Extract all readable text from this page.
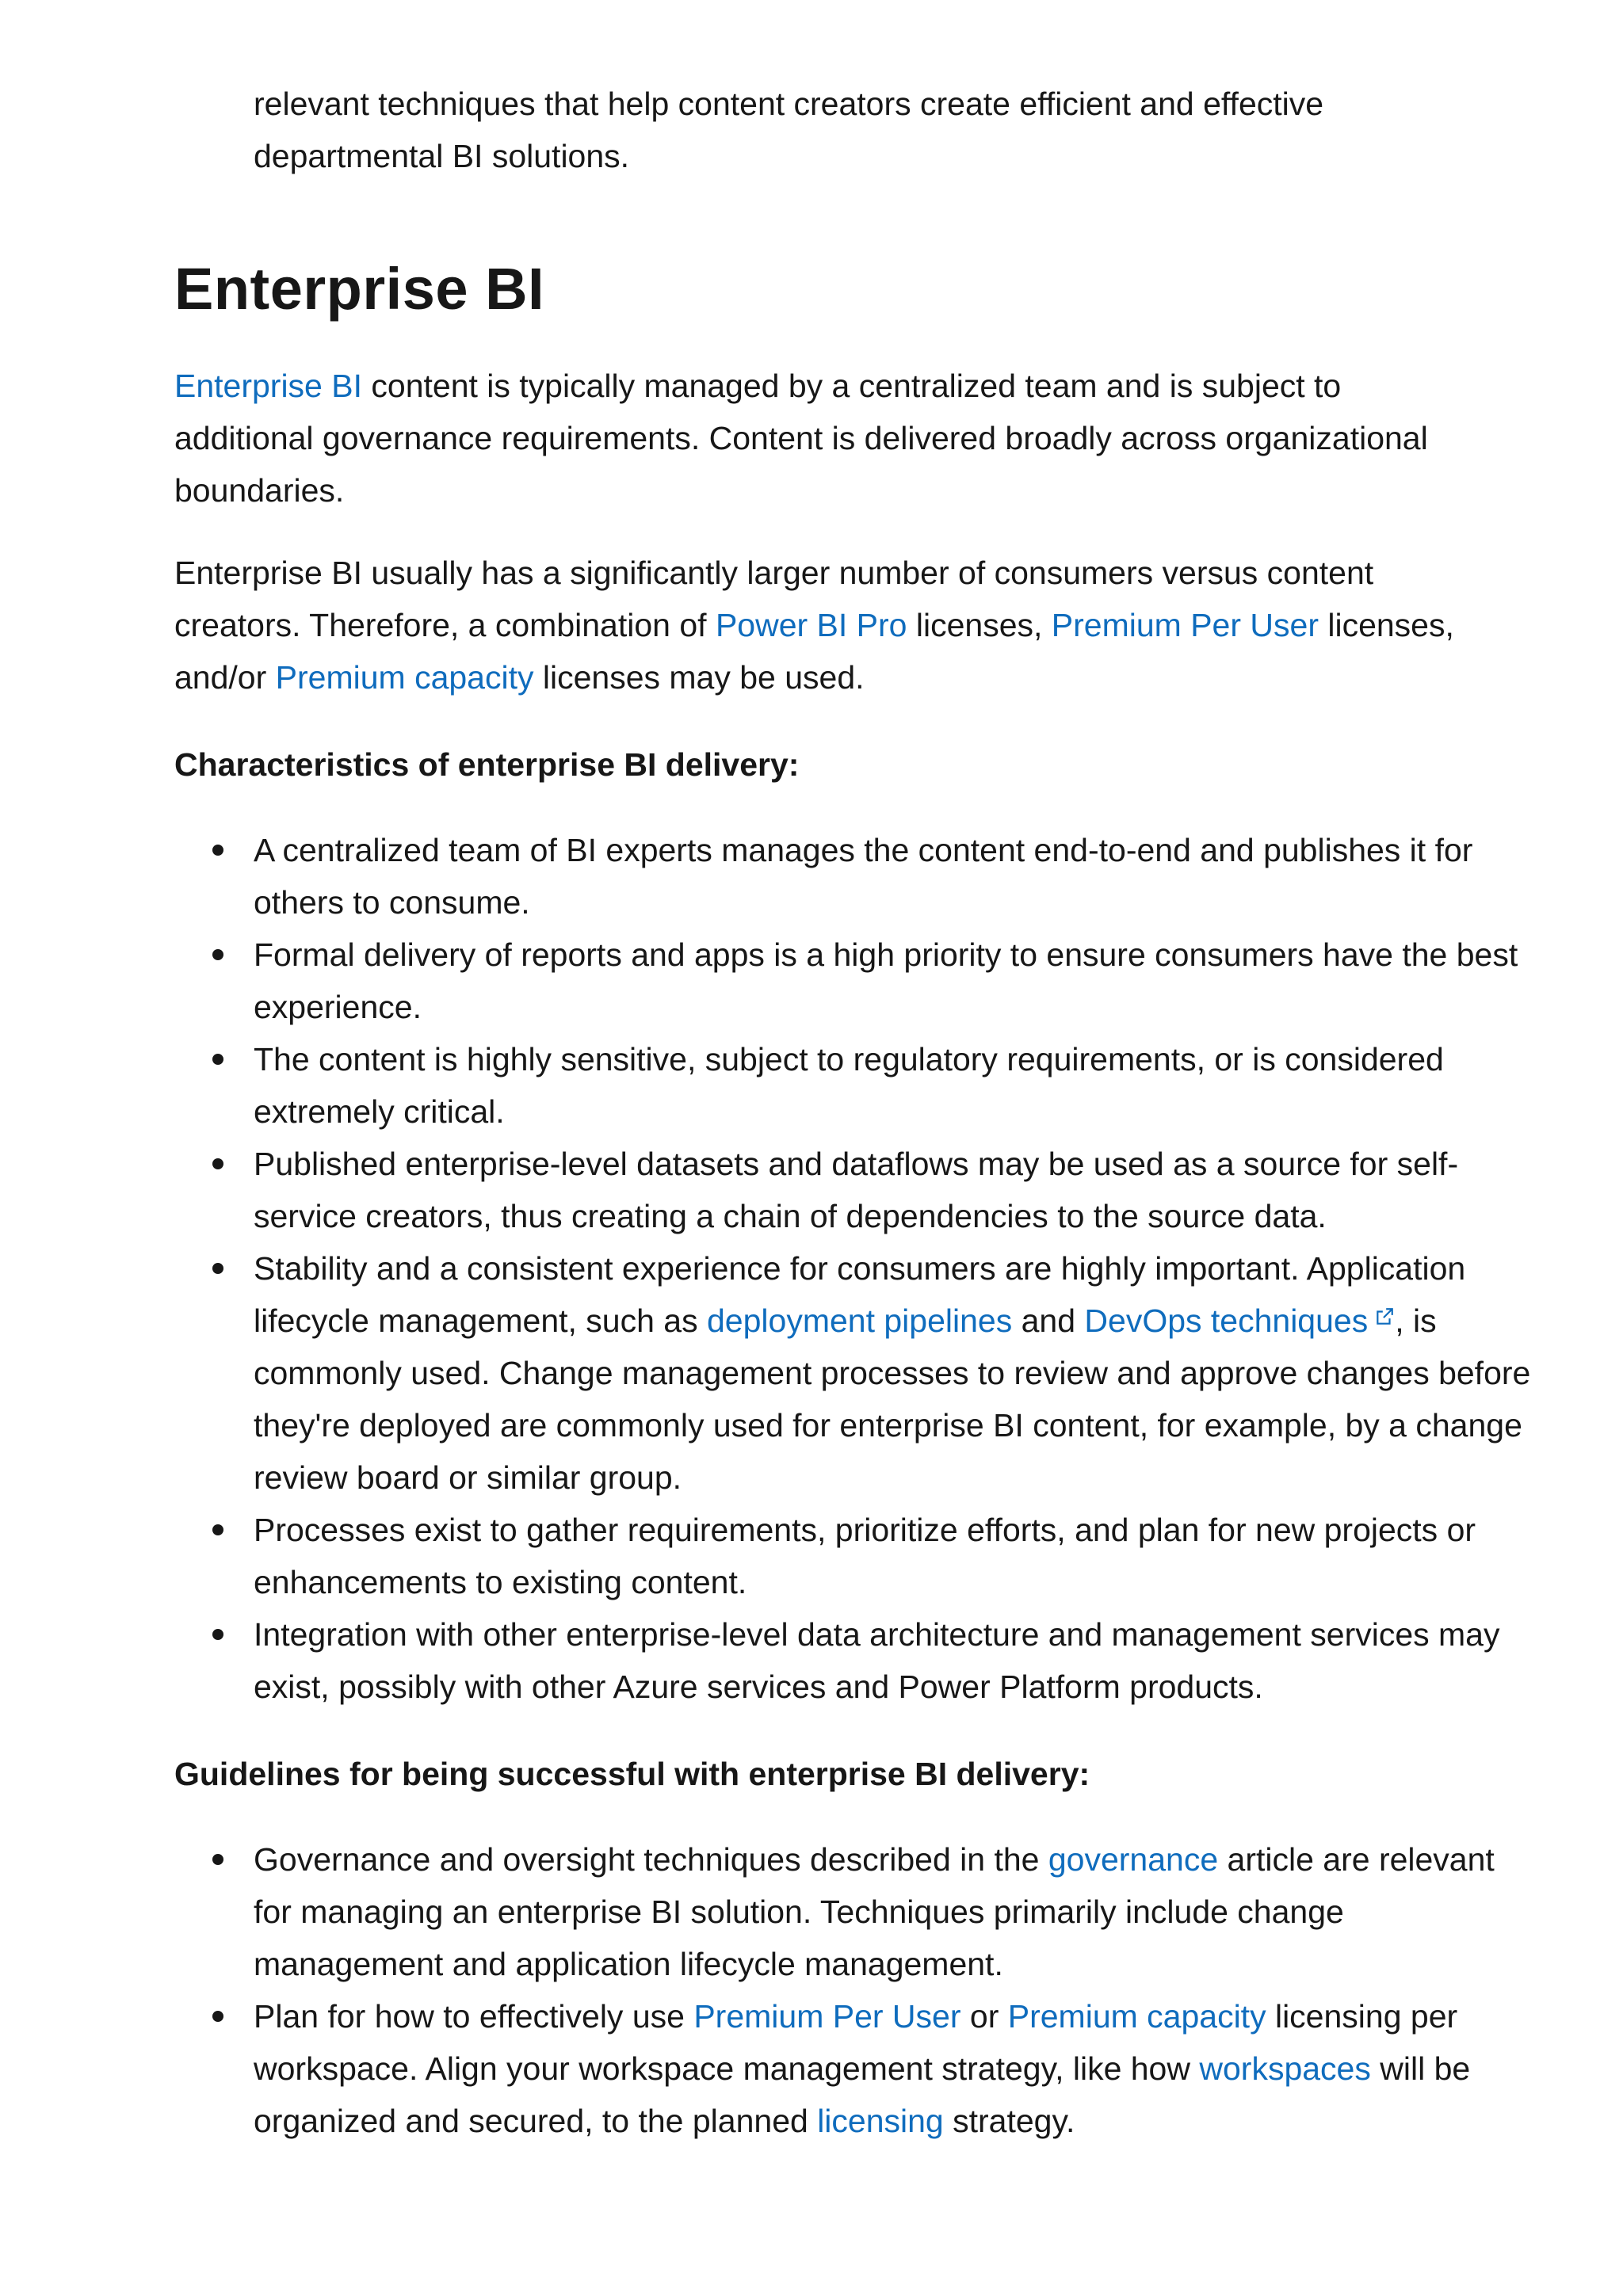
relevant techniques that help content creators create efficient and effective departmental BI solutions.

Enterprise BI

Enterprise BI content is typically managed by a centralized team and is subject to additional governance requirements. Content is delivered broadly across organizational boundaries.

Enterprise BI usually has a significantly larger number of consumers versus content creators. Therefore, a combination of Power BI Pro licenses, Premium Per User licenses, and/or Premium capacity licenses may be used.

Characteristics of enterprise BI delivery:

A centralized team of BI experts manages the content end-to-end and publishes it for others to consume.
Formal delivery of reports and apps is a high priority to ensure consumers have the best experience.
The content is highly sensitive, subject to regulatory requirements, or is considered extremely critical.
Published enterprise-level datasets and dataflows may be used as a source for self-service creators, thus creating a chain of dependencies to the source data.
Stability and a consistent experience for consumers are highly important. Application lifecycle management, such as deployment pipelines and DevOps techniques , is commonly used. Change management processes to review and approve changes before they're deployed are commonly used for enterprise BI content, for example, by a change review board or similar group.
Processes exist to gather requirements, prioritize efforts, and plan for new projects or enhancements to existing content.
Integration with other enterprise-level data architecture and management services may exist, possibly with other Azure services and Power Platform products.

Guidelines for being successful with enterprise BI delivery:

Governance and oversight techniques described in the governance article are relevant for managing an enterprise BI solution. Techniques primarily include change management and application lifecycle management.
Plan for how to effectively use Premium Per User or Premium capacity licensing per workspace. Align your workspace management strategy, like how workspaces will be organized and secured, to the planned licensing strategy.
